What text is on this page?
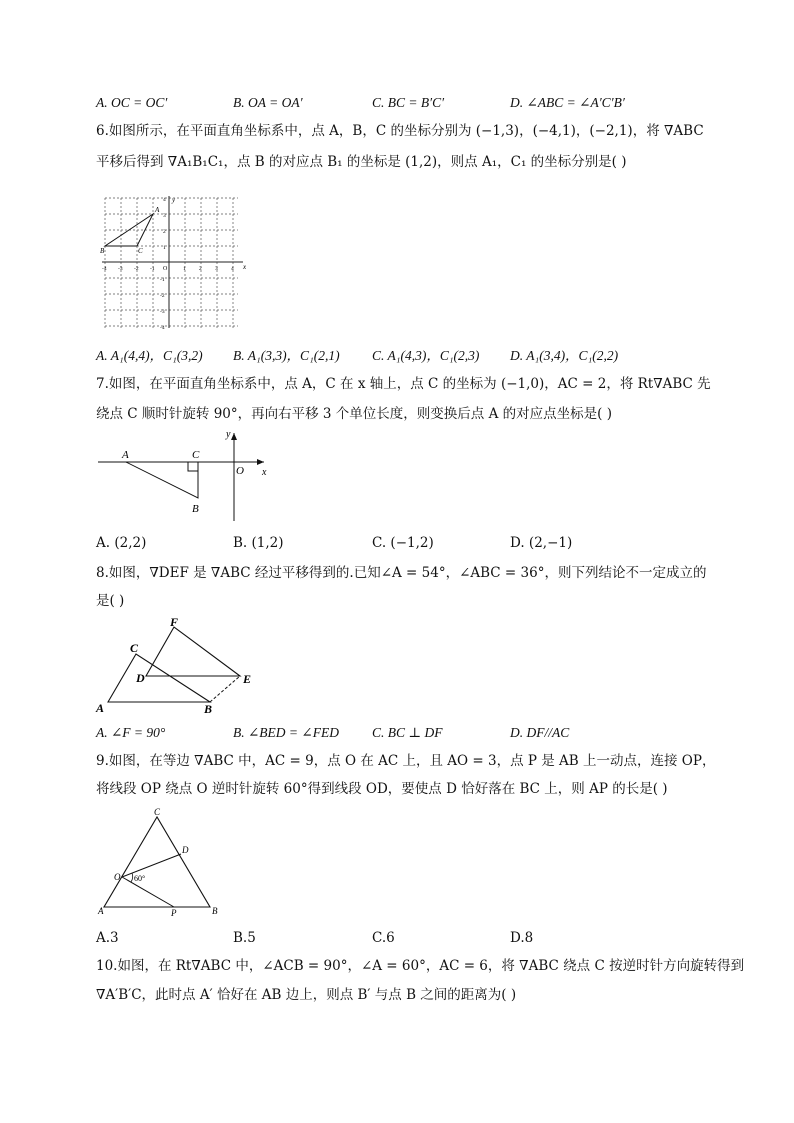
A. OC = OC′	B. OA = OA′	C. BC = B′C′	D. ∠ABC = ∠A′C′B′
6.如图所示，在平面直角坐标系中，点 A，B，C 的坐标分别为 (−1,3)，(−4,1)，(−2,1)，将 ∇ABC
平移后得到 ∇A₁B₁C₁，点 B 的对应点 B₁ 的坐标是 (1,2)，则点 A₁，C₁ 的坐标分别是( )
x
y
O
-4 -3 -2 -1	1 2 3 4
4
3
2
1
-1
-2
-3
-4
A
B	C
A. A₁(4,4)，C₁(3,2) B. A₁(3,3)，C₁(2,1) C. A₁(4,3)，C₁(2,3) D. A₁(3,4)，C₁(2,2)
7.如图，在平面直角坐标系中，点 A，C 在 x 轴上，点 C 的坐标为 (−1,0)，AC = 2，将 Rt∇ABC 先
绕点 C 顺时针旋转 90°，再向右平移 3 个单位长度，则变换后点 A 的对应点坐标是( )
A	C
B
O x
y
A. (2,2)	B. (1,2)	C. (−1,2)	D. (2,−1)
8.如图，∇DEF 是 ∇ABC 经过平移得到的.已知∠A = 54°，∠ABC = 36°，则下列结论不一定成立的
是( )
A	B
C
D	E
F
A. ∠F = 90°	B. ∠BED = ∠FED C. BC ⊥ DF	D. DF//AC
9.如图，在等边 ∇ABC 中，AC = 9，点 O 在 AC 上，且 AO = 3，点 P 是 AB 上一动点，连接 OP，
将线段 OP 绕点 O 逆时针旋转 60°得到线段 OD，要使点 D 恰好落在 BC 上，则 AP 的长是( )
A	B
C
D
O
P
60°
A.3	B.5	C.6	D.8
10.如图，在 Rt∇ABC 中，∠ACB = 90°，∠A = 60°，AC = 6，将 ∇ABC 绕点 C 按逆时针方向旋转得到
∇A′B′C，此时点 A′ 恰好在 AB 边上，则点 B′ 与点 B 之间的距离为( )
